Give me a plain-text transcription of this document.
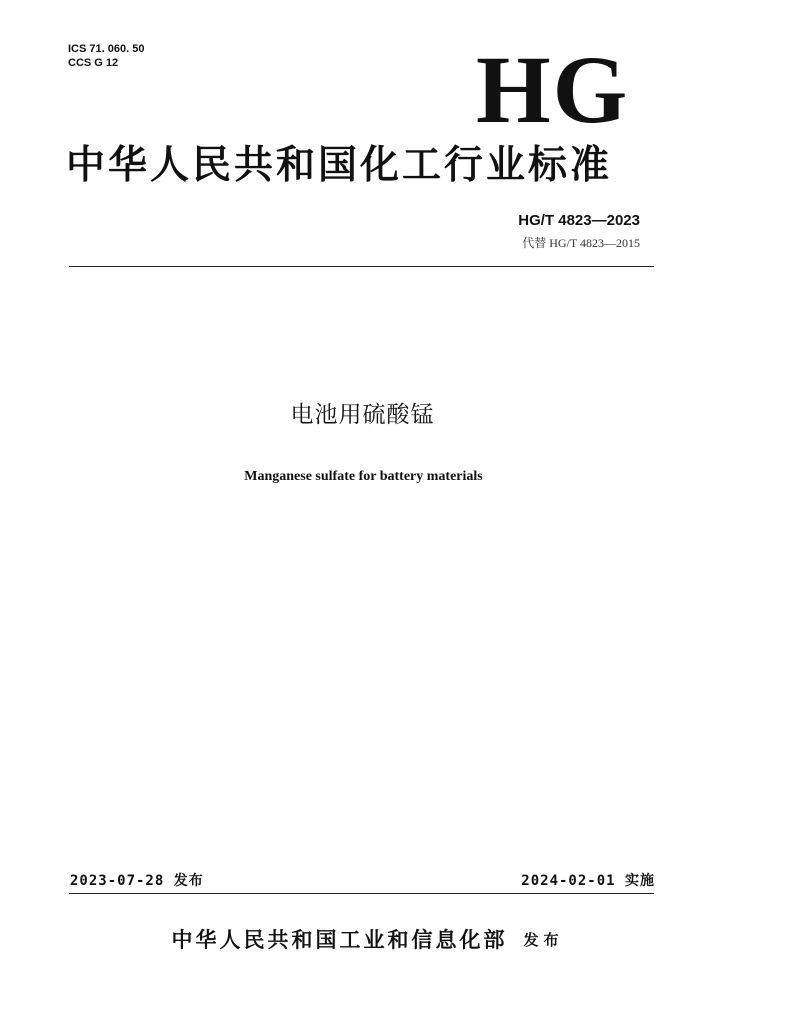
ICS 71. 060. 50
CCS G 12	HG
中华人民共和国化工行业标准
HG/T 4823—2023
代替 HG/T 4823—2015
电池用硫酸锰
Manganese sulfate for battery materials
2023-07-28 发布	2024-02-01 实施
中华人民共和国工业和信息化部 发布
